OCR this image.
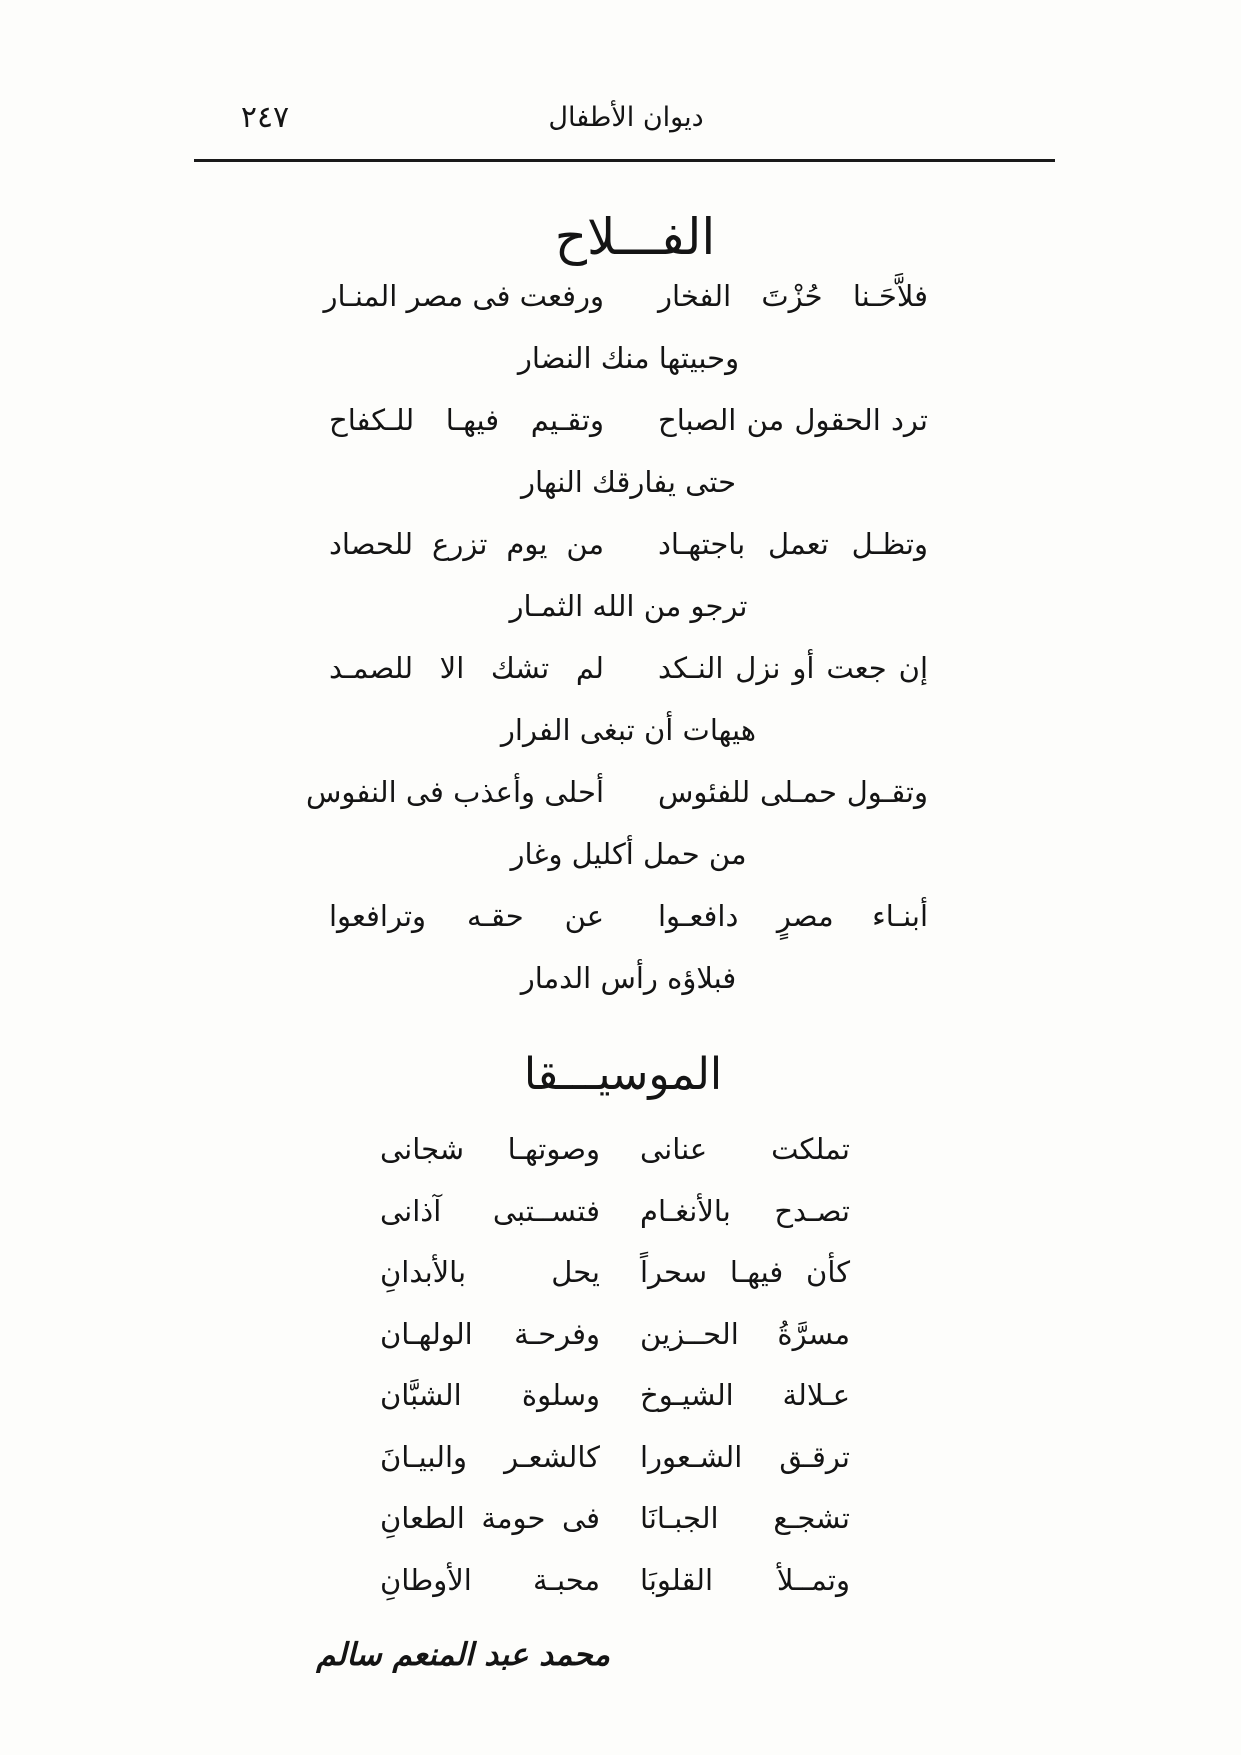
٢٤٧	ديوان الأطفال
الفـــلاح
فلاَّحَـنا حُزْتَ الفخار
ورفعت فى مصر المنـار
وحبيتها منك النضار
ترد الحقول من الصباح
وتقـيم فيهـا للـكفاح
حتى يفارقك النهار
وتظـل تعمل باجتهـاد
من يوم تزرع للحصاد
ترجو من الله الثمـار
إن جعت أو نزل النـكد
لم تشك الا للصمـد
هيهات أن تبغى الفرار
وتقـول حمـلى للفئوس
أحلى وأعذب فى النفوس
من حمل أكليل وغار
أبنـاء مصرٍ دافعـوا
عن حقـه وترافعوا
فبلاؤه رأس الدمار
الموسيـــقا
تملكت عنانى
وصوتهـا شجانى
تصـدح بالأنغـام
فتســتبى آذانى
كأن فيهـا سحراً
يحل بالأبدانِ
مسرَّةُ الحــزين
وفرحـة الولهـان
عـلالة الشيـوخ
وسلوة الشبَّان
ترقـق الشـعورا
كالشعـر والبيـانَ
تشجـع الجبـانَا
فى حومة الطعانِ
وتمــلأ القلوبَا
محبـة الأوطانِ
محمد عبد المنعم سالم
